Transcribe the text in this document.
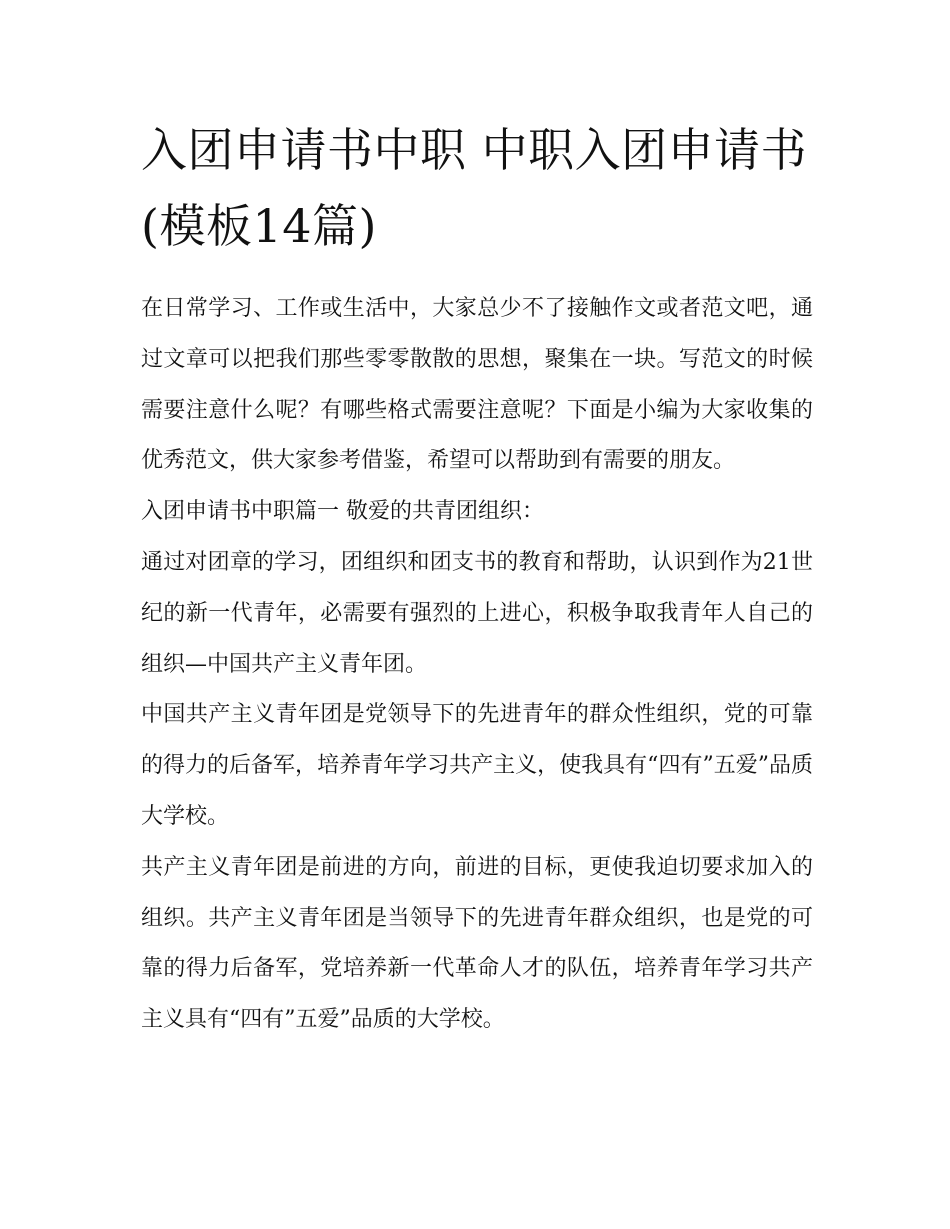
入团申请书中职 中职入团申请书(模板14篇)

在日常学习、工作或生活中，大家总少不了接触作文或者范文吧，通过文章可以把我们那些零零散散的思想，聚集在一块。写范文的时候需要注意什么呢？有哪些格式需要注意呢？下面是小编为大家收集的优秀范文，供大家参考借鉴，希望可以帮助到有需要的朋友。

入团申请书中职篇一 敬爱的共青团组织：

通过对团章的学习，团组织和团支书的教育和帮助，认识到作为21世纪的新一代青年，必需要有强烈的上进心，积极争取我青年人自己的组织—中国共产主义青年团。

中国共产主义青年团是党领导下的先进青年的群众性组织，党的可靠的得力的后备军，培养青年学习共产主义，使我具有“四有”五爱”品质大学校。

共产主义青年团是前进的方向，前进的目标，更使我迫切要求加入的组织。共产主义青年团是当领导下的先进青年群众组织，也是党的可靠的得力后备军，党培养新一代革命人才的队伍，培养青年学习共产主义具有“四有”五爱”品质的大学校。
